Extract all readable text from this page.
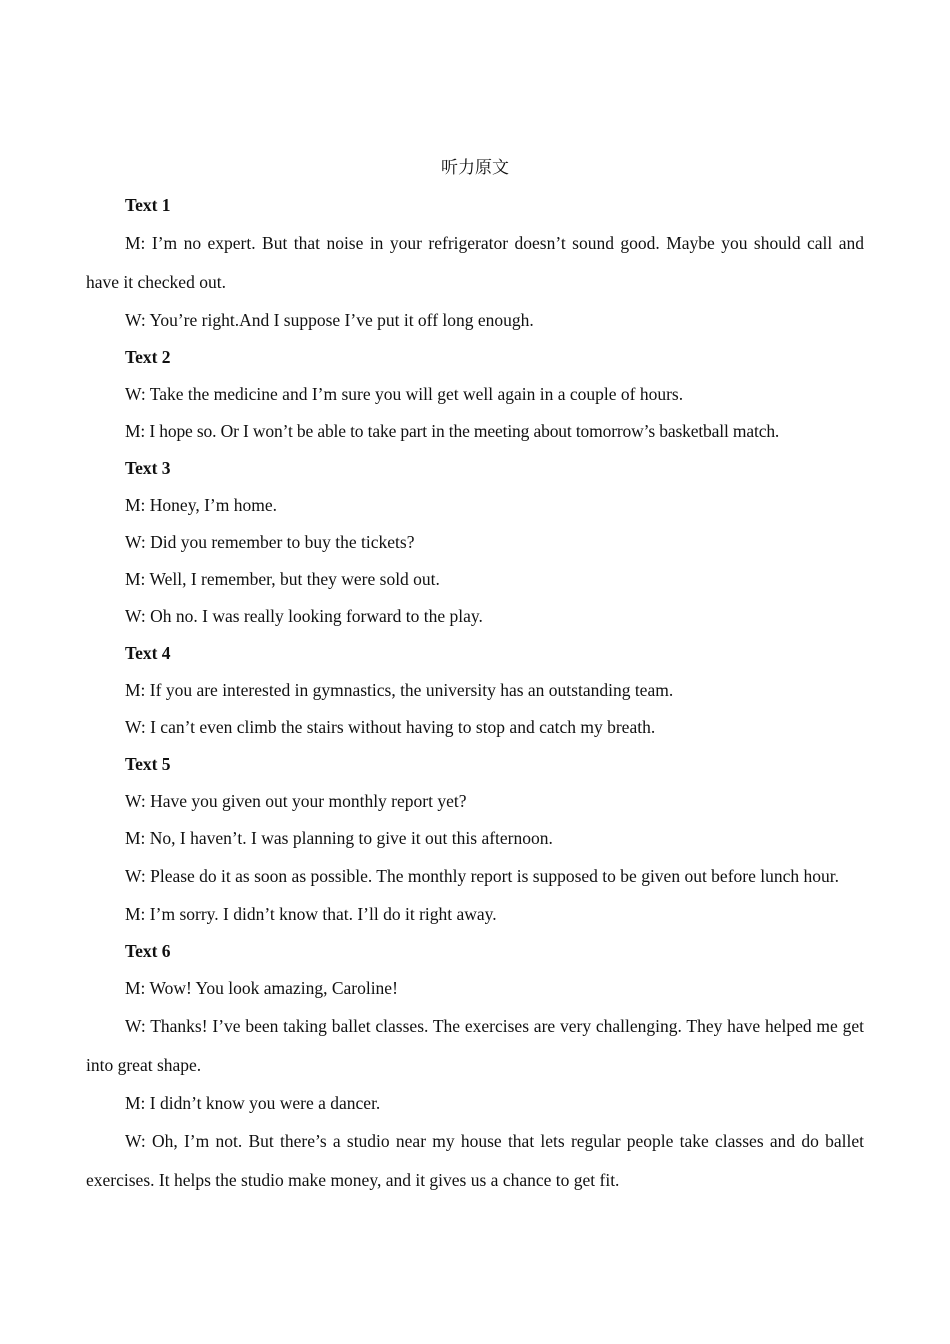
听力原文

Text 1

M: I’m no expert. But that noise in your refrigerator doesn’t sound good. Maybe you should call and have it checked out.

W: You’re right.And I suppose I’ve put it off long enough.

Text 2

W: Take the medicine and I’m sure you will get well again in a couple of hours.

M: I hope so. Or I won’t be able to take part in the meeting about tomorrow’s basketball match.

Text 3

M: Honey, I’m home.

W: Did you remember to buy the tickets?

M: Well, I remember, but they were sold out.

W: Oh no. I was really looking forward to the play.

Text 4

M: If you are interested in gymnastics, the university has an outstanding team.

W: I can’t even climb the stairs without having to stop and catch my breath.

Text 5

W: Have you given out your monthly report yet?

M: No, I haven’t. I was planning to give it out this afternoon.

W: Please do it as soon as possible. The monthly report is supposed to be given out before lunch hour.

M: I’m sorry. I didn’t know that. I’ll do it right away.

Text 6

M: Wow! You look amazing, Caroline!

W: Thanks! I’ve been taking ballet classes. The exercises are very challenging. They have helped me get into great shape.

M: I didn’t know you were a dancer.

W: Oh, I’m not. But there’s a studio near my house that lets regular people take classes and do ballet exercises. It helps the studio make money, and it gives us a chance to get fit.
